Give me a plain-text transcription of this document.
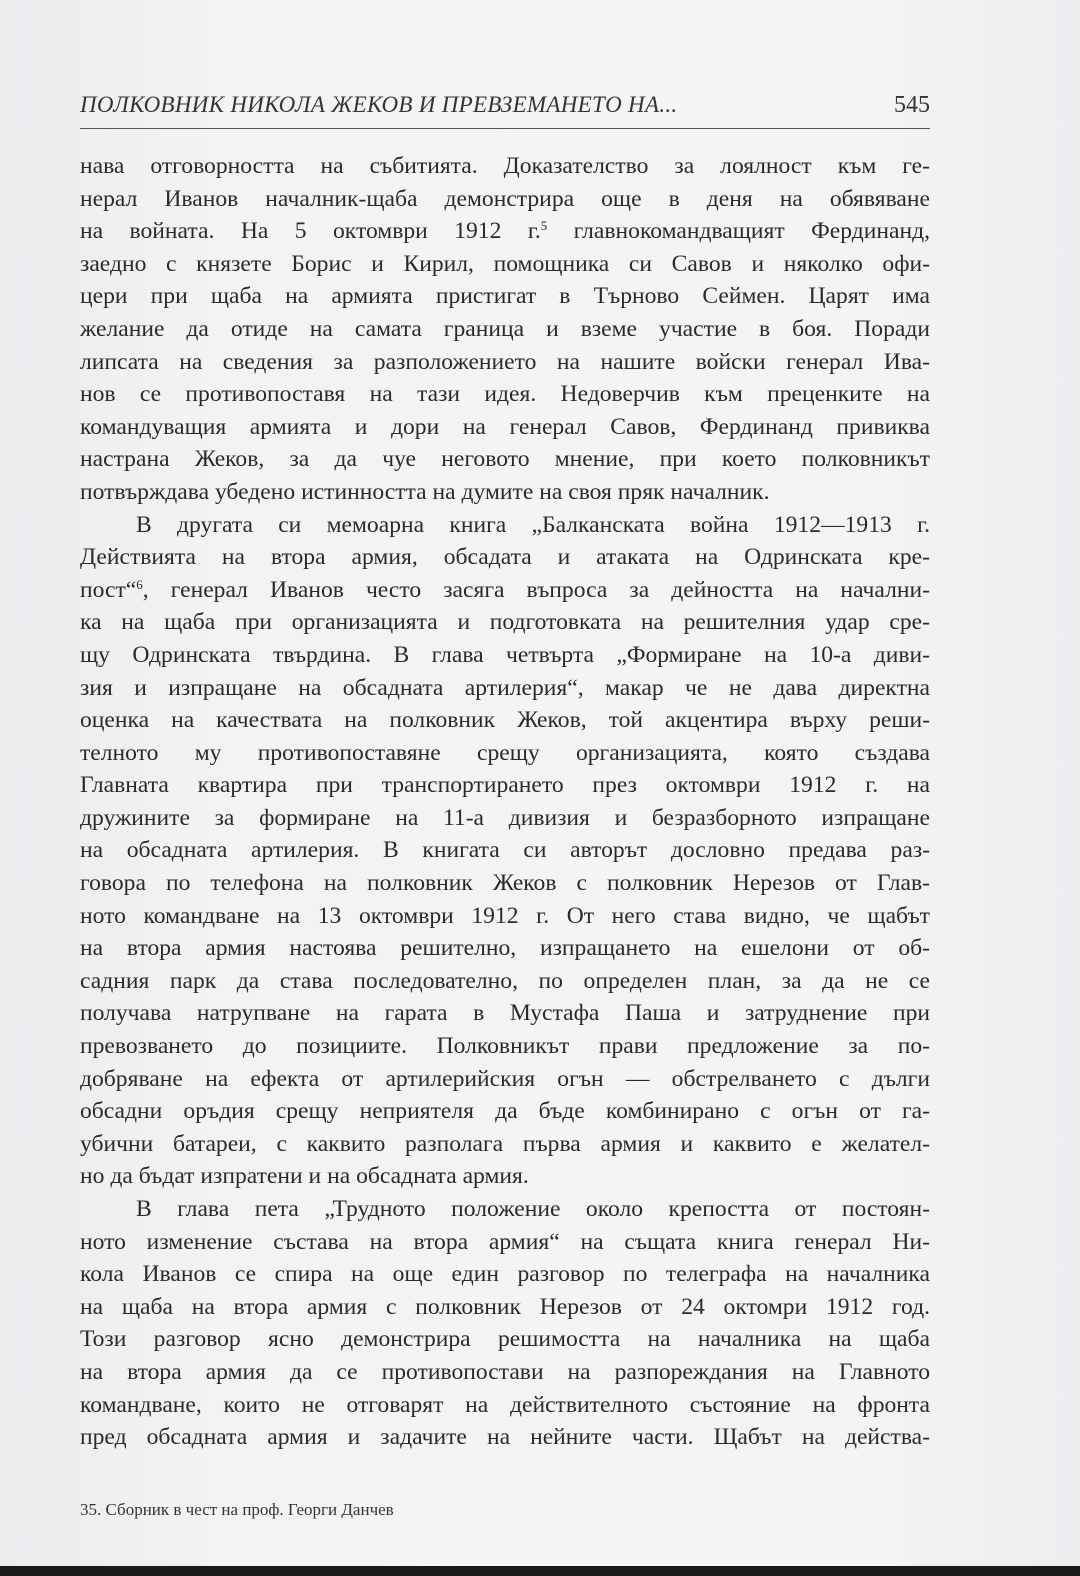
ПОЛКОВНИК НИКОЛА ЖЕКОВ И ПРЕВЗЕМАНЕТО НА...	545
нава отговорността на събитията. Доказателство за лоялност към ге-
нерал Иванов началник-щаба демонстрира още в деня на обявяване
на войната. На 5 октомври 1912 г.$^5$ главнокомандващият Фердинанд,
заедно с князете Борис и Кирил, помощника си Савов и няколко офи-
цери при щаба на армията пристигат в Търново Сеймен. Царят има
желание да отиде на самата граница и вземе участие в боя. Поради
липсата на сведения за разположението на нашите войски генерал Ива-
нов се противопоставя на тази идея. Недоверчив към преценките на
командуващия армията и дори на генерал Савов, Фердинанд привиква
настрана Жеков, за да чуе неговото мнение, при което полковникът
потвърждава убедено истинността на думите на своя пряк началник.
В другата си мемоарна книга „Балканската война 1912—1913 г.
Действията на втора армия, обсадата и атаката на Одринската кре-
пост“$^6$, генерал Иванов често засяга въпроса за дейността на начални-
ка на щаба при организацията и подготовката на решителния удар сре-
щу Одринската твърдина. В глава четвърта „Формиране на 10-а диви-
зия и изпращане на обсадната артилерия“, макар че не дава директна
оценка на качествата на полковник Жеков, той акцентира върху реши-
телното му противопоставяне срещу организацията, която създава
Главната квартира при транспортирането през октомври 1912 г. на
дружините за формиране на 11-а дивизия и безразборното изпращане
на обсадната артилерия. В книгата си авторът дословно предава раз-
говора по телефона на полковник Жеков с полковник Нерезов от Глав-
ното командване на 13 октомври 1912 г. От него става видно, че щабът
на втора армия настоява решително, изпращането на ешелони от об-
садния парк да става последователно, по определен план, за да не се
получава натрупване на гарата в Мустафа Паша и затруднение при
превозването до позициите. Полковникът прави предложение за по-
добряване на ефекта от артилерийския огън — обстрелването с дълги
обсадни оръдия срещу неприятеля да бъде комбинирано с огън от га-
убични батареи, с каквито разполага първа армия и каквито е желател-
но да бъдат изпратени и на обсадната армия.
В глава пета „Трудното положение около крепостта от постоян-
ното изменение състава на втора армия“ на същата книга генерал Ни-
кола Иванов се спира на още един разговор по телеграфа на началника
на щаба на втора армия с полковник Нерезов от 24 октомри 1912 год.
Този разговор ясно демонстрира решимостта на началника на щаба
на втора армия да се противопостави на разпореждания на Главното
командване, които не отговарят на действителното състояние на фронта
пред обсадната армия и задачите на нейните части. Щабът на действа-
35. Сборник в чест на проф. Георги Данчев
